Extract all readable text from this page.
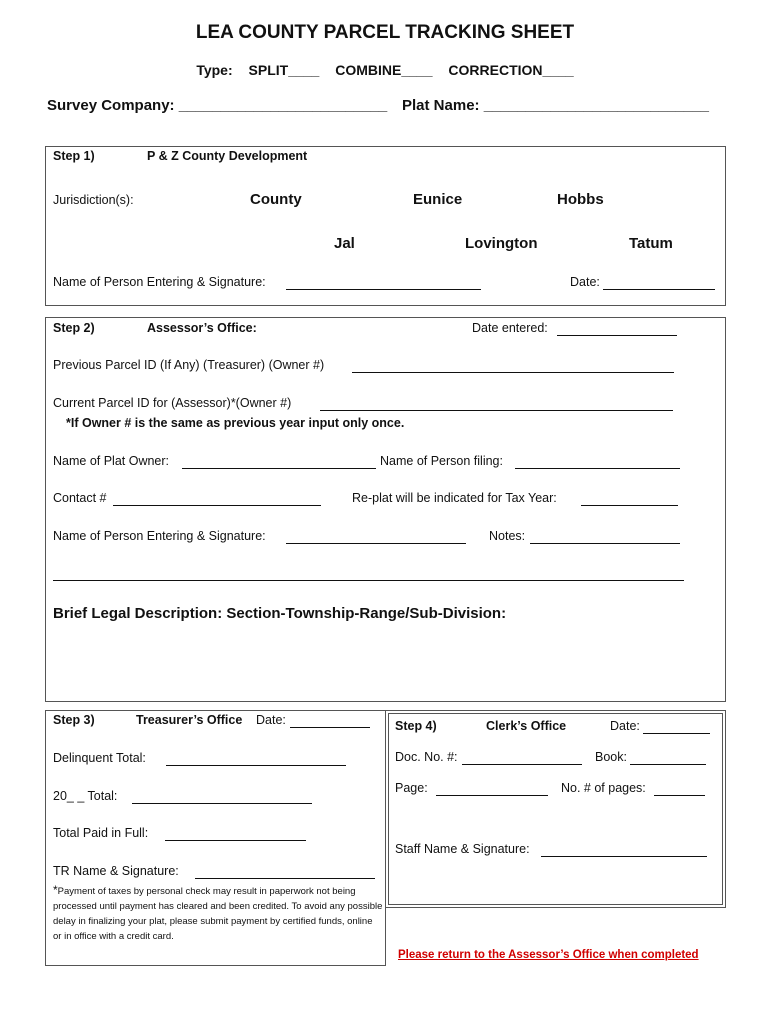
LEA COUNTY PARCEL TRACKING SHEET
Type: SPLIT____ COMBINE____ CORRECTION____
Survey Company: _________________________ Plat Name: ___________________________
Step 1)	P & Z County Development
Jurisdiction(s):	County	Eunice	Hobbs
Jal	Lovington	Tatum
Name of Person Entering & Signature:	Date:
Step 2)	Assessor’s Office:	Date entered:
Previous Parcel ID (If Any) (Treasurer) (Owner #)
Current Parcel ID for (Assessor)*(Owner #)
*If Owner # is the same as previous year input only once.
Name of Plat Owner:	Name of Person filing:
Contact #	Re-plat will be indicated for Tax Year:
Name of Person Entering & Signature:	Notes:
Brief Legal Description: Section-Township-Range/Sub-Division:
Step 3)	Treasurer’s Office Date:
Delinquent Total:
20_ _ Total:
Total Paid in Full:
TR Name & Signature:
*Payment of taxes by personal check may result in paperwork not being processed until payment has cleared and been credited. To avoid any possible delay in finalizing your plat, please submit payment by certified funds, online or in office with a credit card.
Step 4)	Clerk’s Office	Date:
Doc. No. #:	Book:
Page:	No. # of pages:
Staff Name & Signature:
Please return to the Assessor’s Office when completed
